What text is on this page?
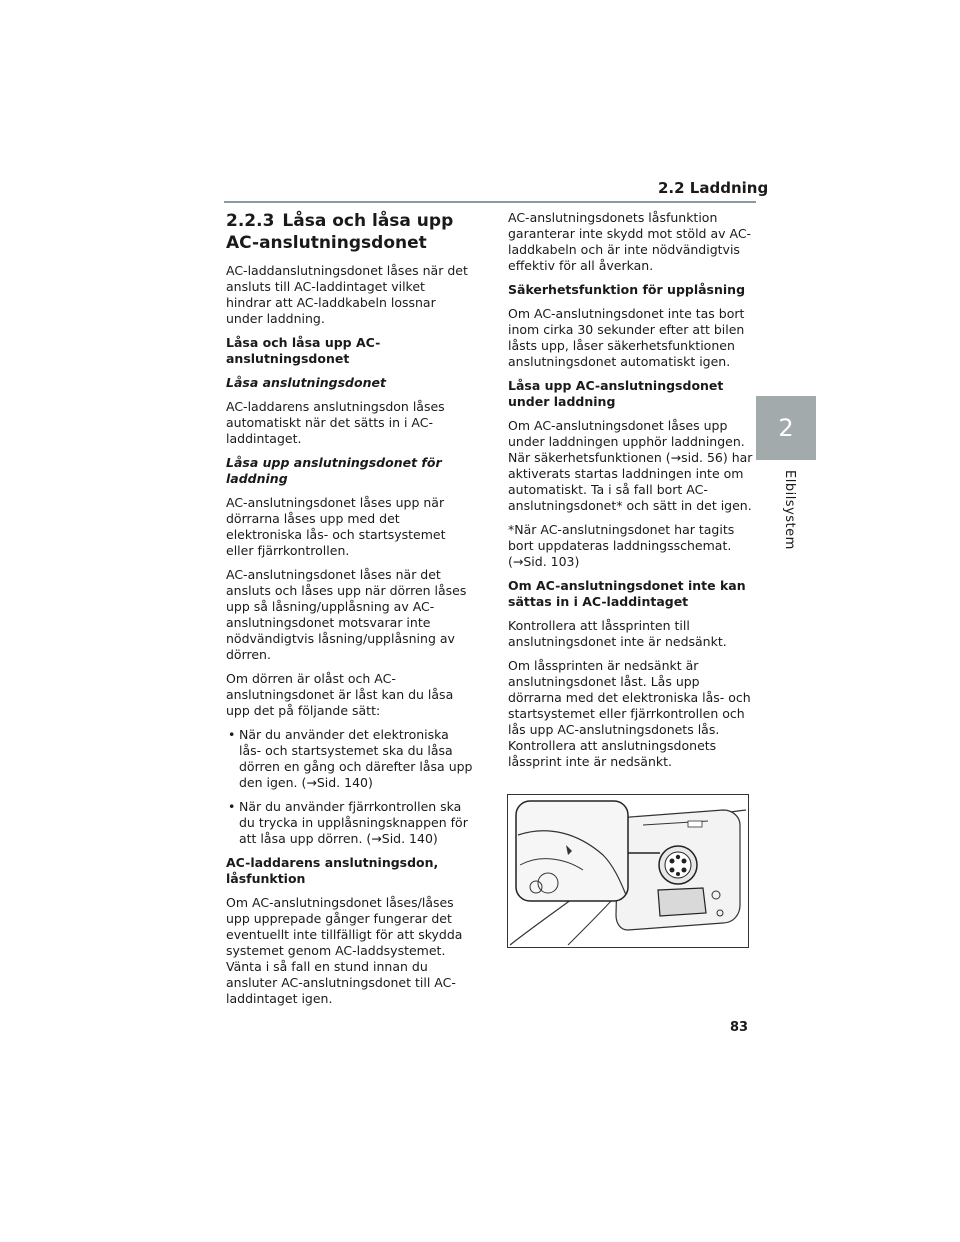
2.2 Laddning
2
Elbilsystem
2.2.3 Låsa och låsa upp AC-anslutningsdonet

AC-laddanslutningsdonet låses när det ansluts till AC-laddintaget vilket hindrar att AC-laddkabeln lossnar under laddning.

Låsa och låsa upp AC-anslutningsdonet

Låsa anslutningsdonet

AC-laddarens anslutningsdon låses automatiskt när det sätts in i AC-laddintaget.

Låsa upp anslutningsdonet för laddning

AC-anslutningsdonet låses upp när dörrarna låses upp med det elektroniska lås- och startsystemet eller fjärrkontrollen.

AC-anslutningsdonet låses när det ansluts och låses upp när dörren låses upp så låsning/upplåsning av AC-anslutningsdonet motsvarar inte nödvändigtvis låsning/upplåsning av dörren.

Om dörren är olåst och AC-anslutningsdonet är låst kan du låsa upp det på följande sätt:

• När du använder det elektroniska lås- och startsystemet ska du låsa dörren en gång och därefter låsa upp den igen. (→Sid. 140)
• När du använder fjärrkontrollen ska du trycka in upplåsningsknappen för att låsa upp dörren. (→Sid. 140)

AC-laddarens anslutningsdon, låsfunktion

Om AC-anslutningsdonet låses/låses upp upprepade gånger fungerar det eventuellt inte tillfälligt för att skydda systemet genom AC-laddsystemet. Vänta i så fall en stund innan du ansluter AC-anslutningsdonet till AC-laddintaget igen.

AC-anslutningsdonets låsfunktion garanterar inte skydd mot stöld av AC-laddkabeln och är inte nödvändigtvis effektiv för all åverkan.

Säkerhetsfunktion för upplåsning

Om AC-anslutningsdonet inte tas bort inom cirka 30 sekunder efter att bilen låsts upp, låser säkerhetsfunktionen anslutningsdonet automatiskt igen.

Låsa upp AC-anslutningsdonet under laddning

Om AC-anslutningsdonet låses upp under laddningen upphör laddningen. När säkerhetsfunktionen (→sid. 56) har aktiverats startas laddningen inte om automatiskt. Ta i så fall bort AC-anslutningsdonet* och sätt in det igen.

*När AC-anslutningsdonet har tagits bort uppdateras laddningsschemat. (→Sid. 103)

Om AC-anslutningsdonet inte kan sättas in i AC-laddintaget

Kontrollera att låssprinten till anslutningsdonet inte är nedsänkt.

Om låssprinten är nedsänkt är anslutningsdonet låst. Lås upp dörrarna med det elektroniska lås- och startsystemet eller fjärrkontrollen och lås upp AC-anslutningsdonets lås. Kontrollera att anslutningsdonets låssprint inte är nedsänkt.

83
